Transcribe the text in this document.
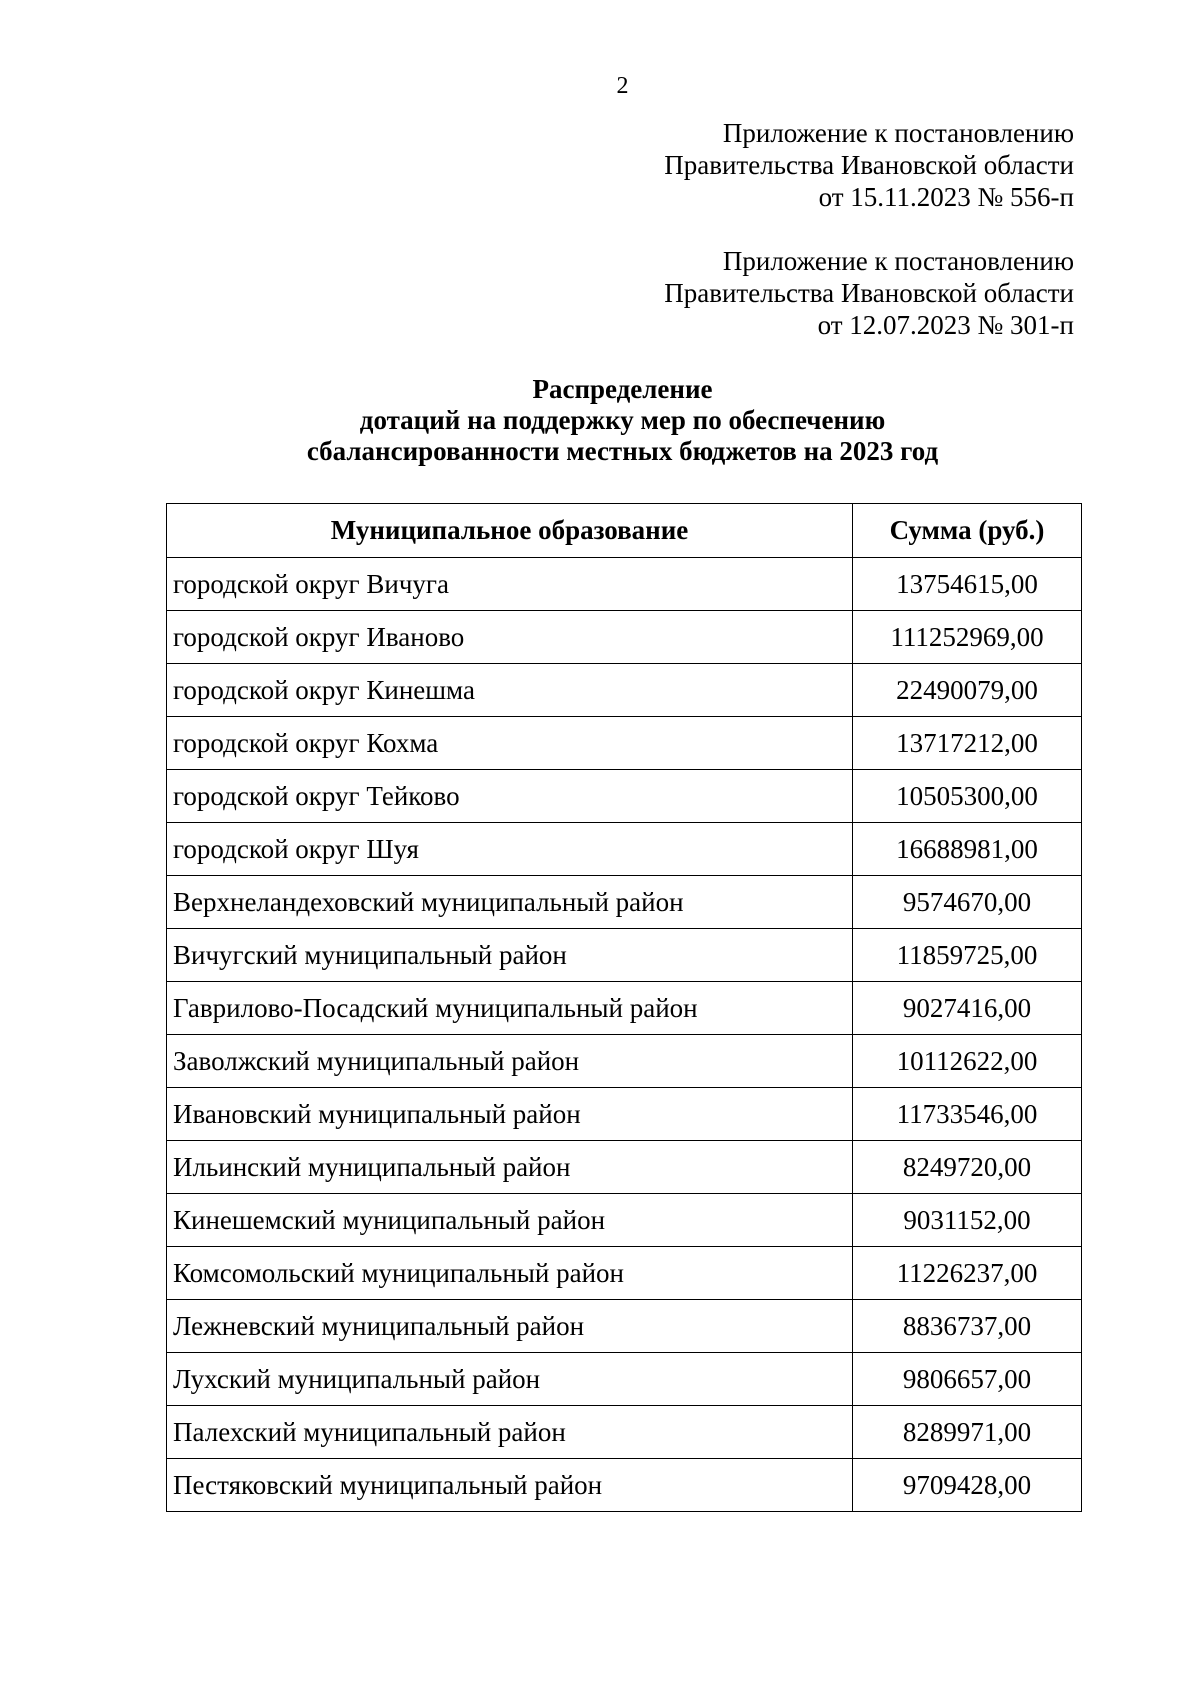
2
Приложение к постановлению
Правительства Ивановской области
от 15.11.2023 № 556-п
Приложение к постановлению
Правительства Ивановской области
от 12.07.2023 № 301-п
Распределение
дотаций на поддержку мер по обеспечению
сбалансированности местных бюджетов на 2023 год
Муниципальное образование	Сумма (руб.)
городской округ Вичуга	13754615,00
городской округ Иваново	111252969,00
городской округ Кинешма	22490079,00
городской округ Кохма	13717212,00
городской округ Тейково	10505300,00
городской округ Шуя	16688981,00
Верхнеландеховский муниципальный район	9574670,00
Вичугский муниципальный район	11859725,00
Гаврилово-Посадский муниципальный район	9027416,00
Заволжский муниципальный район	10112622,00
Ивановский муниципальный район	11733546,00
Ильинский муниципальный район	8249720,00
Кинешемский муниципальный район	9031152,00
Комсомольский муниципальный район	11226237,00
Лежневский муниципальный район	8836737,00
Лухский муниципальный район	9806657,00
Палехский муниципальный район	8289971,00
Пестяковский муниципальный район	9709428,00
